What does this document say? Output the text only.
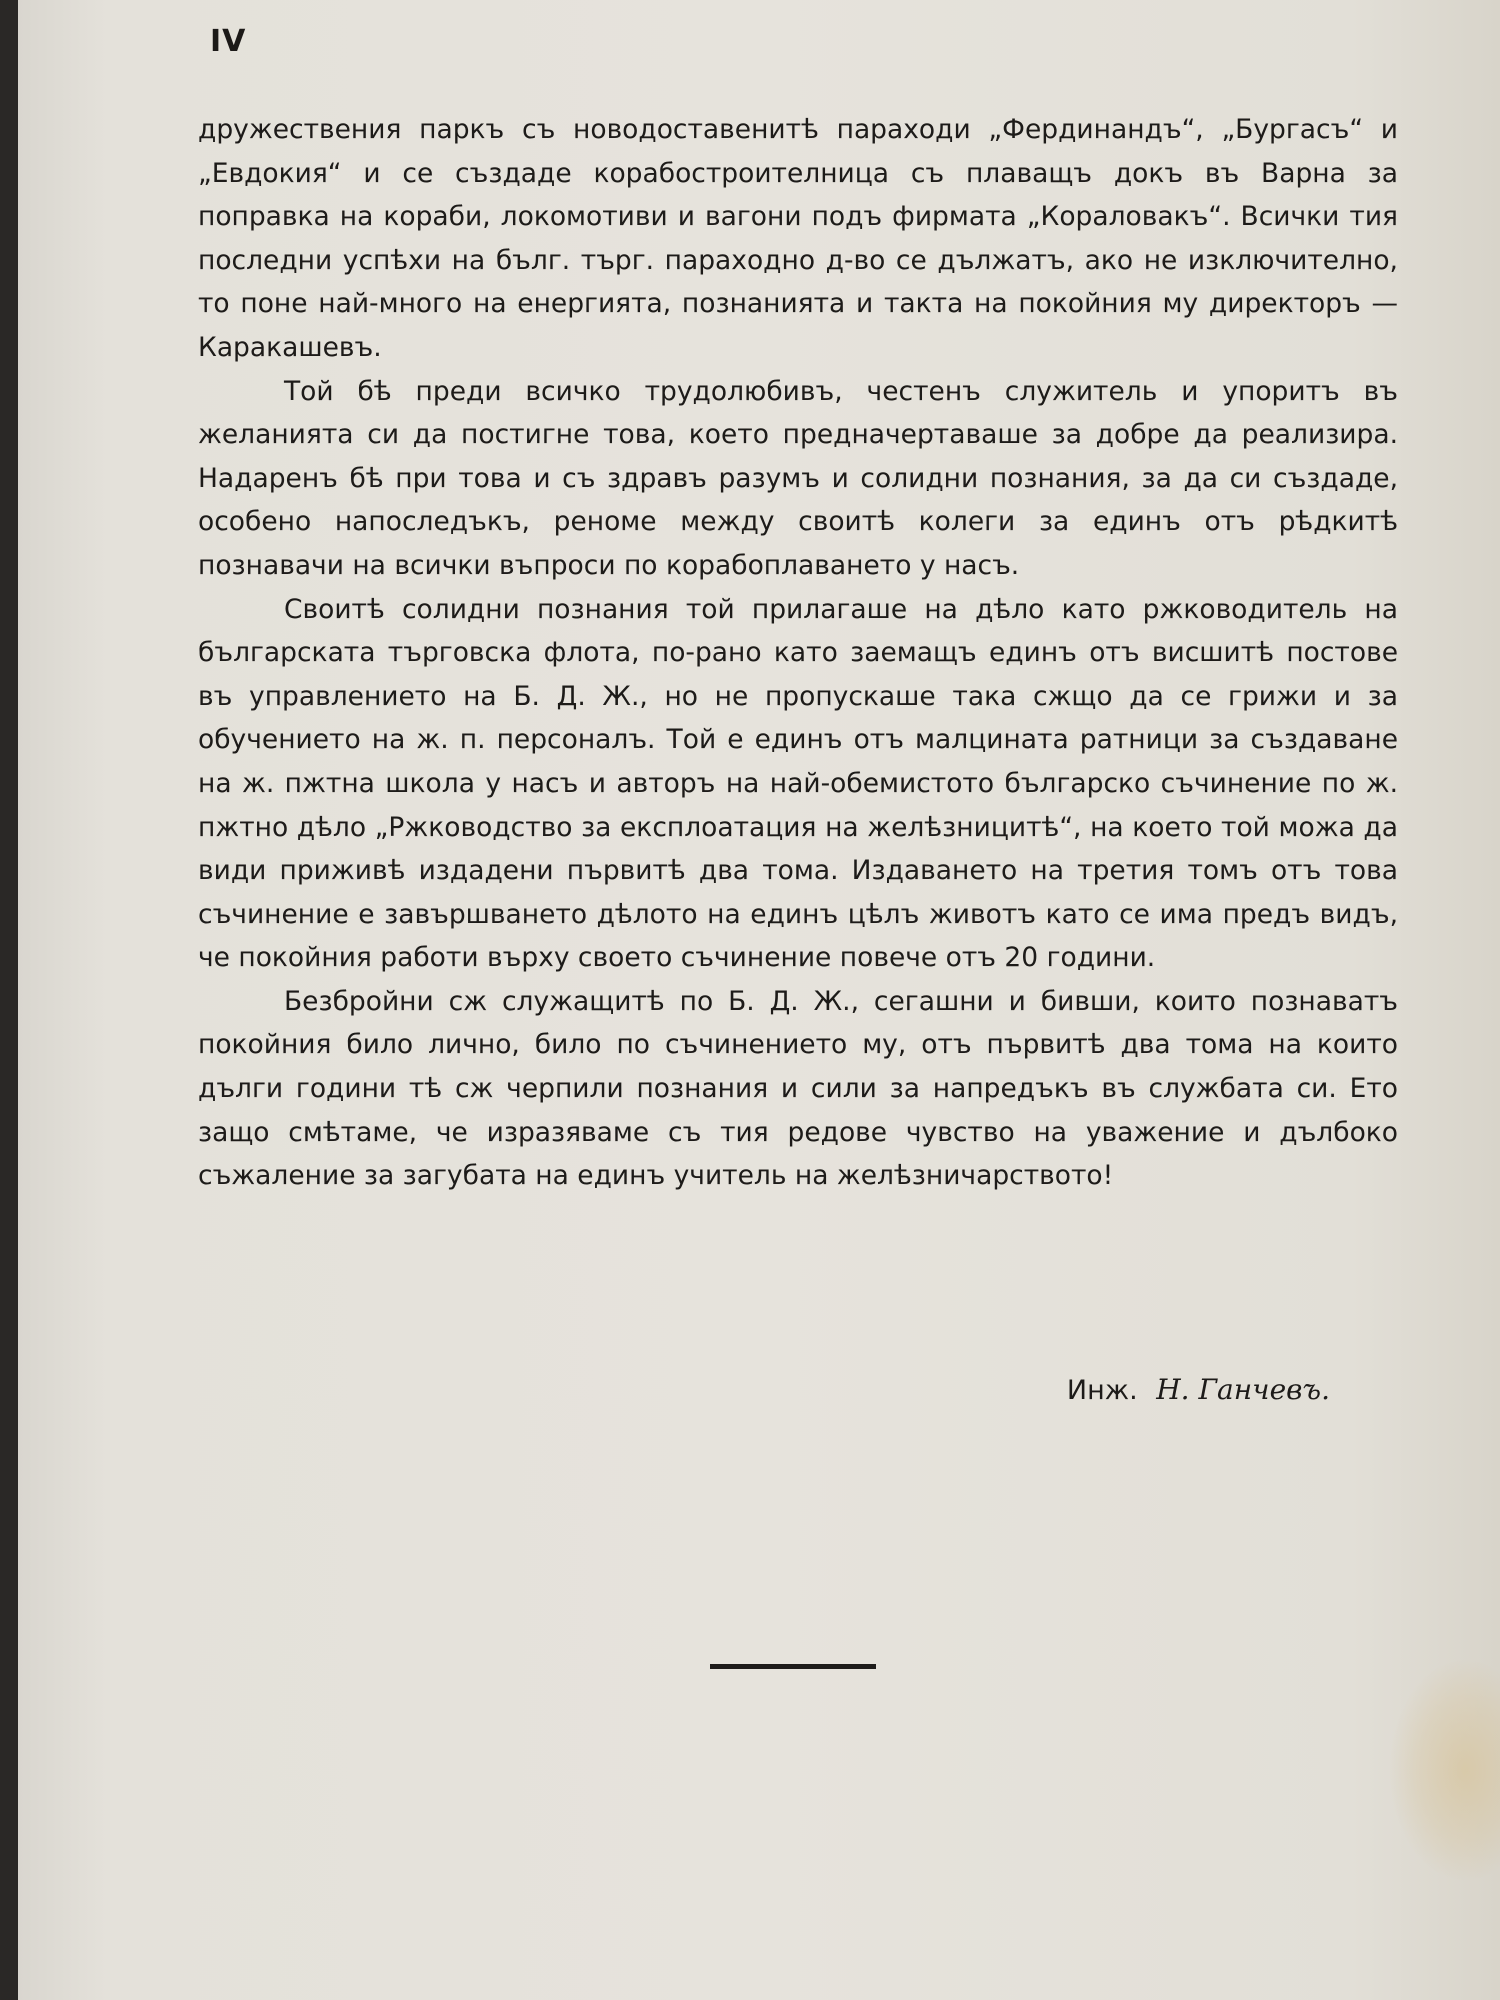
IV

дружествения паркъ съ новодоставенитѣ параходи „Фердинандъ“, „Бургасъ“ и „Евдокия“ и се създаде корабостроителница съ плаващъ докъ въ Варна за поправка на кораби, локомотиви и вагони подъ фирмата „Кораловакъ“. Всички тия последни успѣхи на бълг. търг. параходно д-во се дължатъ, ако не изключително, то поне най-много на енергията, познанията и такта на покойния му директоръ — Каракашевъ.

Той бѣ преди всичко трудолюбивъ, честенъ служитель и упоритъ въ желанията си да постигне това, което предначертаваше за добре да реализира. Надаренъ бѣ при това и съ здравъ разумъ и солидни познания, за да си създаде, особено напоследъкъ, реноме между своитѣ колеги за единъ отъ рѣдкитѣ познавачи на всички въпроси по корабоплаването у насъ.

Своитѣ солидни познания той прилагаше на дѣло като ржководитель на българската търговска флота, по-рано като заемащъ единъ отъ висшитѣ постове въ управлението на Б. Д. Ж., но не пропускаше така сжщо да се грижи и за обучението на ж. п. персоналъ. Той е единъ отъ малцината ратници за създаване на ж. пжтна школа у насъ и авторъ на най-обемистото българско съчинение по ж. пжтно дѣло „Ржководство за експлоатация на желѣзницитѣ“, на което той можа да види приживѣ издадени първитѣ два тома. Издаването на третия томъ отъ това съчинение е завършването дѣлото на единъ цѣлъ животъ като се има предъ видъ, че покойния работи върху своето съчинение повече отъ 20 години.

Безбройни сж служащитѣ по Б. Д. Ж., сегашни и бивши, които познаватъ покойния било лично, било по съчинението му, отъ първитѣ два тома на които дълги години тѣ сж черпили познания и сили за напредъкъ въ службата си. Ето защо смѣтаме, че изразяваме съ тия редове чувство на уважение и дълбоко съжаление за загубата на единъ учитель на желѣзничарството!

Инж. Н. Ганчевъ.
